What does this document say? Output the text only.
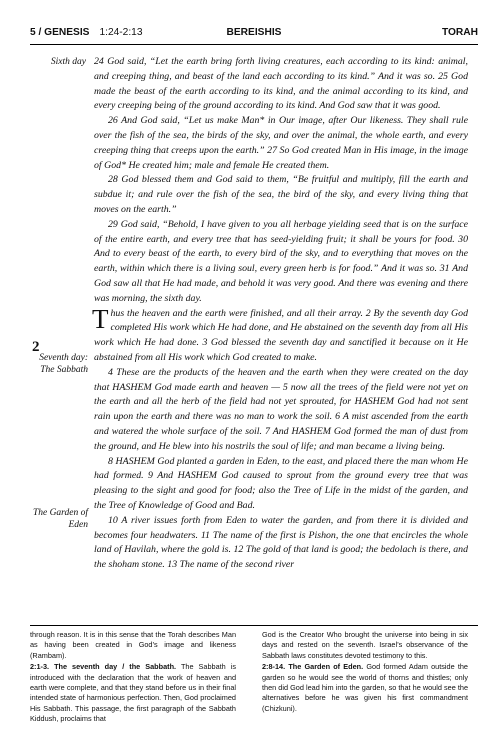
5 / GENESIS 1:24-2:13	BEREISHIS	TORAH
Sixth day
2
Seventh day: The Sabbath
The Garden of Eden

24 God said, “Let the earth bring forth living creatures, each according to its kind: animal, and creeping thing, and beast of the land each according to its kind.” And it was so. 25 God made the beast of the earth according to its kind, and the animal according to its kind, and every creeping being of the ground according to its kind. And God saw that it was good.

26 And God said, “Let us make Man* in Our image, after Our likeness. They shall rule over the fish of the sea, the birds of the sky, and over the animal, the whole earth, and every creeping thing that creeps upon the earth.” 27 So God created Man in His image, in the image of God* He created him; male and female He created them.

28 God blessed them and God said to them, “Be fruitful and multiply, fill the earth and subdue it; and rule over the fish of the sea, the bird of the sky, and every living thing that moves on the earth.”

29 God said, “Behold, I have given to you all herbage yielding seed that is on the surface of the entire earth, and every tree that has seed-yielding fruit; it shall be yours for food. 30 And to every beast of the earth, to every bird of the sky, and to everything that moves on the earth, within which there is a living soul, every green herb is for food.” And it was so. 31 And God saw all that He had made, and behold it was very good. And there was evening and there was morning, the sixth day.

Thus the heaven and the earth were finished, and all their array. 2 By the seventh day God completed His work which He had done, and He abstained on the seventh day from all His work which He had done. 3 God blessed the seventh day and sanctified it because on it He abstained from all His work which God created to make.

4 These are the products of the heaven and the earth when they were created on the day that HASHEM God made earth and heaven — 5 now all the trees of the field were not yet on the earth and all the herb of the field had not yet sprouted, for HASHEM God had not sent rain upon the earth and there was no man to work the soil. 6 A mist ascended from the earth and watered the whole surface of the soil. 7 And HASHEM God formed the man of dust from the ground, and He blew into his nostrils the soul of life; and man became a living being.

8 HASHEM God planted a garden in Eden, to the east, and placed there the man whom He had formed. 9 And HASHEM God caused to sprout from the ground every tree that was pleasing to the sight and good for food; also the Tree of Life in the midst of the garden, and the Tree of Knowledge of Good and Bad.

10 A river issues forth from Eden to water the garden, and from there it is divided and becomes four headwaters. 11 The name of the first is Pishon, the one that encircles the whole land of Havilah, where the gold is. 12 The gold of that land is good; the bedolach is there, and the shoham stone. 13 The name of the second river

through reason. It is in this sense that the Torah describes Man as having been created in God’s image and likeness (Rambam).

2:1-3. The seventh day / the Sabbath. The Sabbath is introduced with the declaration that the work of heaven and earth were complete, and that they stand before us in their final intended state of harmonious perfection. Then, God proclaimed His Sabbath. This passage, the first paragraph of the Sabbath Kiddush, proclaims that

God is the Creator Who brought the universe into being in six days and rested on the seventh. Israel’s observance of the Sabbath laws constitutes devoted testimony to this.

2:8-14. The Garden of Eden. God formed Adam outside the garden so he would see the world of thorns and thistles; only then did God lead him into the garden, so that he would see the alternatives before he was given his first commandment (Chizkuni).
